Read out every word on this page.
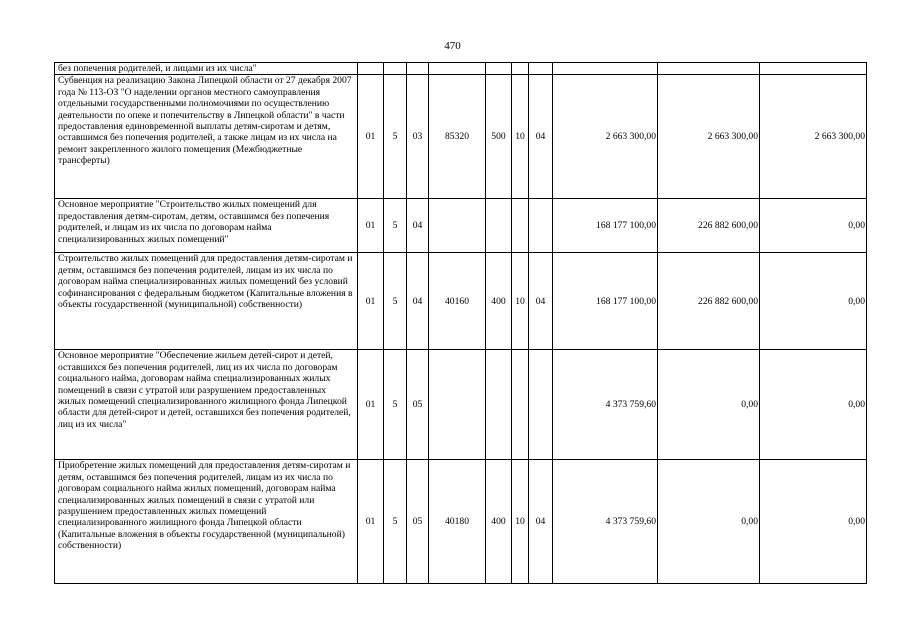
470
без попечения родителей, и лицами из их числа"										
Субвенция на реализацию Закона Липецкой области от 27 декабря 2007 года № 113-ОЗ "О наделении органов местного самоуправления отдельными государственными полномочиями по осуществлению деятельности по опеке и попечительству в Липецкой области" в части предоставления единовременной выплаты детям-сиротам и детям, оставшимся без попечения родителей, а также лицам из их числа на ремонт закрепленного жилого помещения (Межбюджетные трансферты)	01	5	03	85320	500	10	04	2 663 300,00	2 663 300,00	2 663 300,00
Основное мероприятие "Строительство жилых помещений для предоставления детям-сиротам, детям, оставшимся без попечения родителей, и лицам из их числа по договорам найма специализированных жилых помещений"	01	5	04					168 177 100,00	226 882 600,00	0,00
Строительство жилых помещений для предоставления детям-сиротам и детям, оставшимся без попечения родителей, лицам из их числа по договорам найма специализированных жилых помещений без условий софинансирования с федеральным бюджетом (Капитальные вложения в объекты государственной (муниципальной) собственности)	01	5	04	40160	400	10	04	168 177 100,00	226 882 600,00	0,00
Основное мероприятие "Обеспечение жильем детей-сирот и детей, оставшихся без попечения родителей, лиц из их числа по договорам социального найма, договорам найма специализированных жилых помещений в связи с утратой или разрушением предоставленных жилых помещений специализированного жилищного фонда Липецкой области для детей-сирот и детей, оставшихся без попечения родителей, лиц из их числа"	01	5	05					4 373 759,60	0,00	0,00
Приобретение жилых помещений для предоставления детям-сиротам и детям, оставшимся без попечения родителей, лицам из их числа по договорам социального найма жилых помещений, договорам найма специализированных жилых помещений в связи с утратой или разрушением предоставленных жилых помещений специализированного жилищного фонда Липецкой области (Капитальные вложения в объекты государственной (муниципальной) собственности)	01	5	05	40180	400	10	04	4 373 759,60	0,00	0,00
